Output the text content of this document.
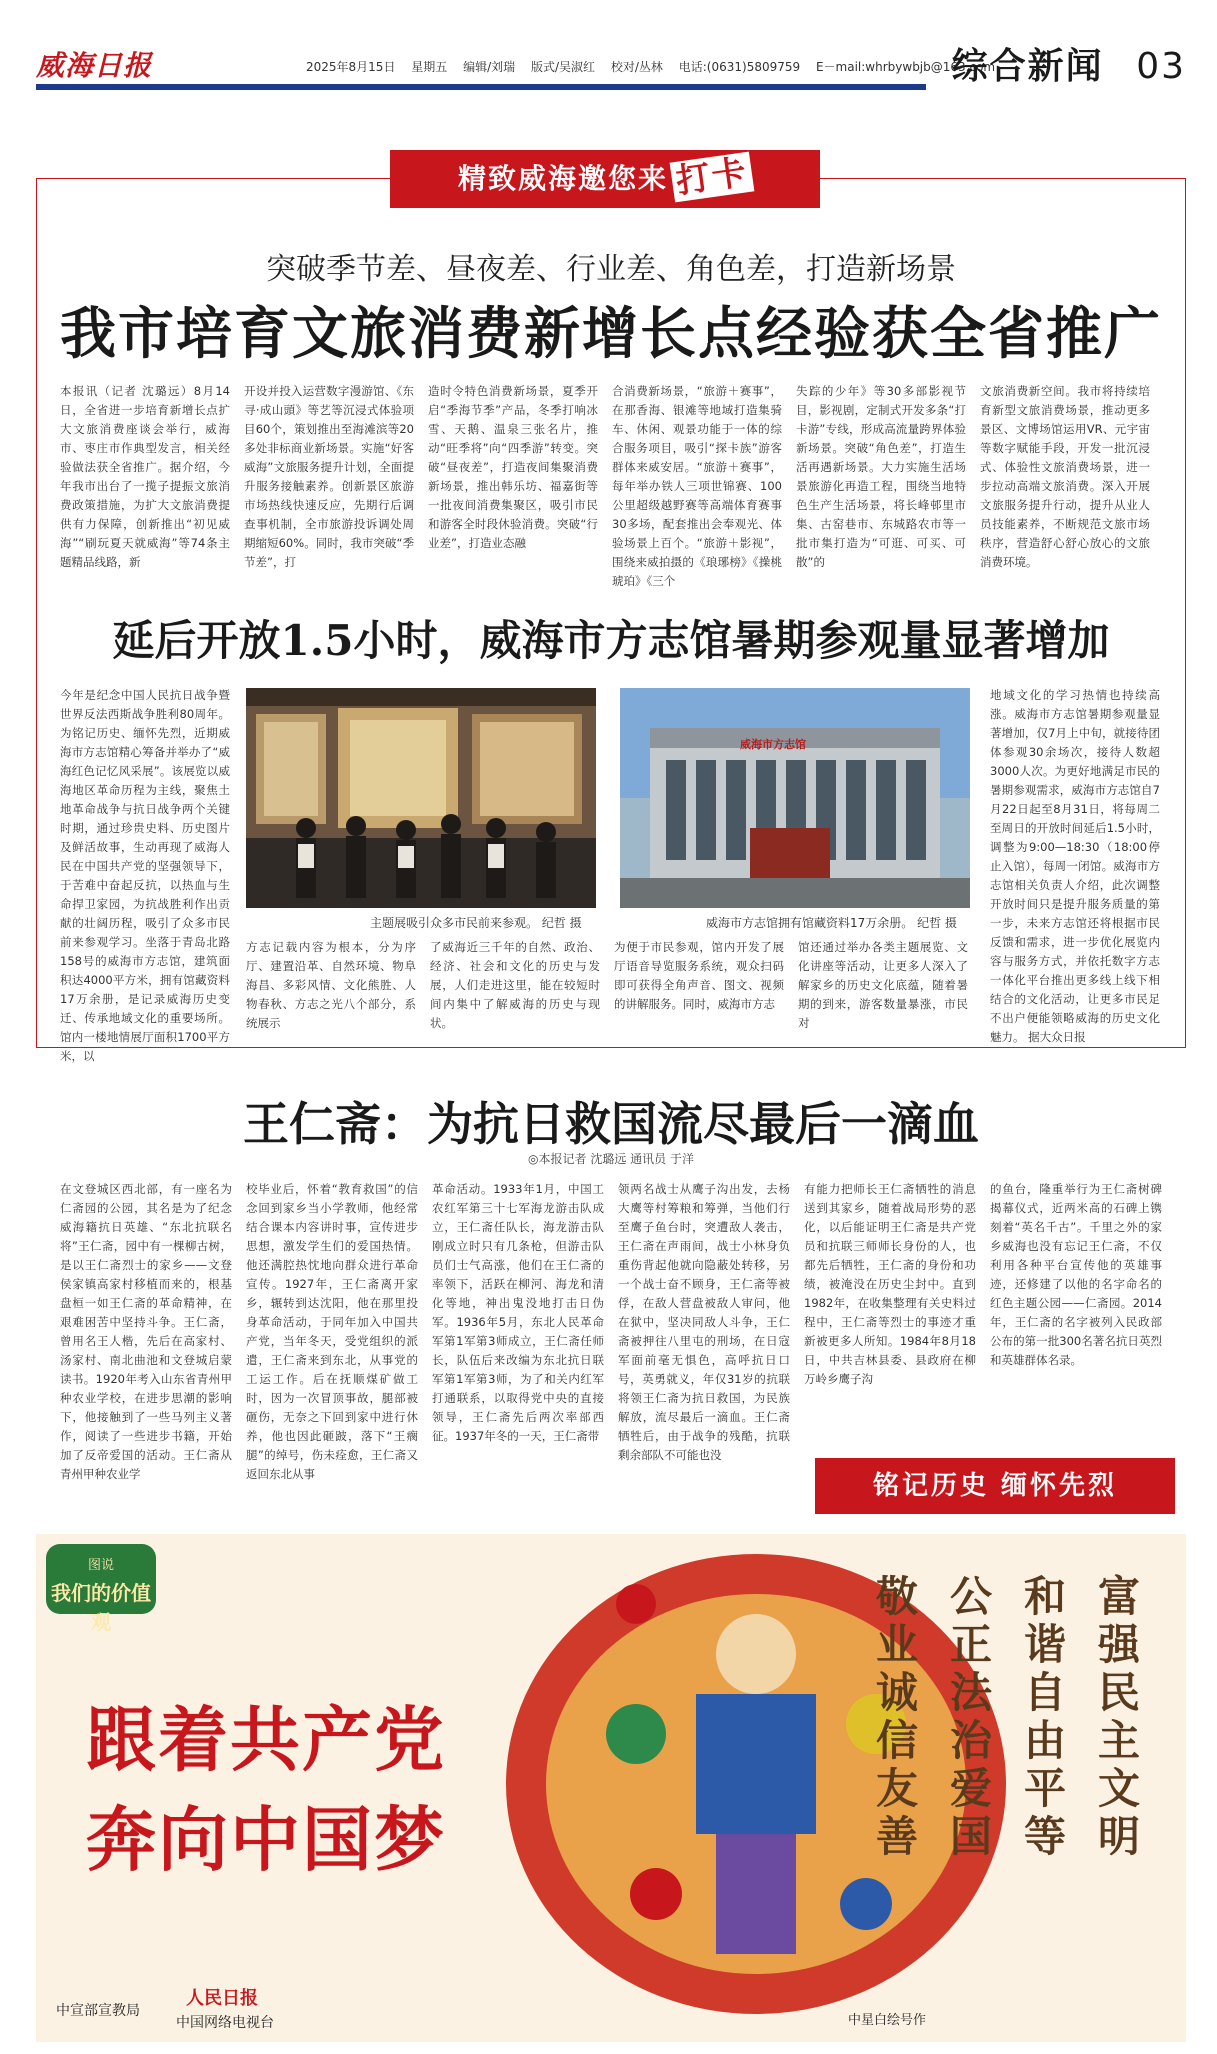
威海日报	2025年8月15日 星期五 编辑/刘瑞 版式/吴淑红 校对/丛林 电话:(0631)5809759 E－mail:whrbywbjb@163.com
综合新闻 03
精致威海邀您来 打卡
突破季节差、昼夜差、行业差、角色差，打造新场景
我市培育文旅消费新增长点经验获全省推广
本报讯（记者 沈璐远）8月14日，全省进一步培育新增长点扩大文旅消费座谈会举行，威海市、枣庄市作典型发言，相关经验做法获全省推广。据介绍，今年我市出台了一揽子提振文旅消费政策措施，为扩大文旅消费提供有力保障，创新推出“初见威海”“刷玩夏天就威海”等74条主题精品线路，新
开设并投入运营数字漫游馆、《东寻·成山頭》等艺等沉浸式体验项目60个，策划推出至海滩滨等20多处非标商业新场景。实施“好客威海”文旅服务提升计划，全面提升服务接触素养。创新景区旅游市场热线快速反应，先期行后调查事机制，全市旅游投诉调处周期缩短60%。同时，我市突破“季节差”，打
造时令特色消费新场景，夏季开启“季海节季”产品，冬季打响冰雪、天鹅、温泉三张名片，推动“旺季将”向“四季游”转变。突破“昼夜差”，打造夜间集聚消费新场景，推出韩乐坊、福嘉街等一批夜间消费集聚区，吸引市民和游客全时段休验消费。突破“行业差”，打造业态融
合消费新场景，“旅游＋赛事”，在那香海、银滩等地域打造集骑车、休闲、观景功能于一体的综合服务项目，吸引“探卡族”游客群体来威安居。“旅游＋赛事”，每年举办铁人三项世锦赛、100公里超级越野赛等高端体育赛事30多场，配套推出会奉观光、体验场景上百个。“旅游＋影视”，围绕来威拍摄的《琅琊榜》《操桃琥珀》《三个
失踪的少年》等30多部影视节目，影视剧，定制式开发多条“打卡游”专线，形成高流量跨界体验新场景。突破“角色差”，打造生活再遇新场景。大力实施生活场景旅游化再造工程，围绕当地特色生产生活场景，将长峰邨里市集、古窑巷市、东城路农市等一批市集打造为“可逛、可买、可散”的
文旅消费新空间。我市将持续培育新型文旅消费场景，推动更多景区、文博场馆运用VR、元宇宙等数字赋能手段，开发一批沉浸式、体验性文旅消费场景，进一步拉动高端文旅消费。深入开展文旅服务提升行动，提升从业人员技能素养，不断规范文旅市场秩序，营造舒心舒心放心的文旅消费环境。
延后开放1.5小时，威海市方志馆暑期参观量显著增加
今年是纪念中国人民抗日战争暨世界反法西斯战争胜利80周年。为铭记历史、缅怀先烈，近期威海市方志馆精心筹备并举办了“威海红色记忆风采展”。该展览以威海地区革命历程为主线，聚焦土地革命战争与抗日战争两个关键时期，通过珍贵史料、历史图片及鲜活故事，生动再现了威海人民在中国共产党的坚强领导下，于苦难中奋起反抗，以热血与生命捍卫家园，为抗战胜利作出贡献的壮阔历程，吸引了众多市民前来参观学习。坐落于青岛北路158号的威海市方志馆，建筑面积达4000平方米，拥有馆藏资料17万余册，是记录威海历史变迁、传承地域文化的重要场所。馆内一楼地情展厅面积1700平方米，以
主题展吸引众多市民前来参观。 纪哲 摄
威海市方志馆
威海市方志馆拥有馆藏资料17万余册。 纪哲 摄
方志记载内容为根本，分为序厅、建置沿革、自然环境、物阜海昌、多彩风情、文化熊胜、人物春秋、方志之光八个部分，系统展示
了威海近三千年的自然、政治、经济、社会和文化的历史与发展，人们走进这里，能在较短时间内集中了解威海的历史与现状。
为便于市民参观，馆内开发了展厅语音导览服务系统，观众扫码即可获得全角声音、图文、视频的讲解服务。同时，威海市方志
馆还通过举办各类主题展览、文化讲座等活动，让更多人深入了解家乡的历史文化底蕴，随着暑期的到来，游客数量暴涨，市民对
地域文化的学习热情也持续高涨。威海市方志馆暑期参观量显著增加，仅7月上中旬，就接待团体参观30余场次，接待人数超3000人次。为更好地满足市民的暑期参观需求，威海市方志馆自7月22日起至8月31日，将每周二至周日的开放时间延后1.5小时，调整为9:00—18:30（18:00停止入馆），每周一闭馆。威海市方志馆相关负责人介绍，此次调整开放时间只是提升服务质量的第一步，未来方志馆还将根据市民反馈和需求，进一步优化展览内容与服务方式，并依托数字方志一体化平台推出更多线上线下相结合的文化活动，让更多市民足不出户便能领略威海的历史文化魅力。 据大众日报
王仁斋：为抗日救国流尽最后一滴血
◎本报记者 沈璐远 通讯员 于洋
在文登城区西北部，有一座名为仁斋园的公园，其名是为了纪念威海籍抗日英雄、“东北抗联名将”王仁斋，园中有一棵柳古树，是以王仁斋烈士的家乡——文登侯家镇高家村移植而来的，根基盘桓一如王仁斋的革命精神，在艰难困苦中坚持斗争。王仁斋，曾用名王人楷，先后在高家村、汤家村、南北曲池和文登城启蒙读书。1920年考入山东省青州甲种农业学校，在进步思潮的影响下，他接触到了一些马列主义著作，阅读了一些进步书籍，开始加了反帝爱国的活动。王仁斋从青州甲种农业学
校毕业后，怀着“教育救国”的信念回到家乡当小学教师，他经常结合课本内容讲时事，宣传进步思想，激发学生们的爱国热情。他还满腔热忱地向群众进行革命宣传。1927年，王仁斋离开家乡，辗转到达沈阳，他在那里投身革命活动，于同年加入中国共产党，当年冬天，受党组织的派遣，王仁斋来到东北，从事党的工运工作。后在抚顺煤矿做工时，因为一次冒顶事故，腿部被砸伤，无奈之下回到家中进行休养，他也因此砸跛，落下“王瘸腿”的绰号，伤未痊愈，王仁斋又返回东北从事
革命活动。1933年1月，中国工农红军第三十七军海龙游击队成立，王仁斋任队长，海龙游击队刚成立时只有几条枪，但游击队员们士气高涨，他们在王仁斋的率领下，活跃在柳河、海龙和清化等地，神出鬼没地打击日伪军。1936年5月，东北人民革命军第1军第3师成立，王仁斋任师长，队伍后来改编为东北抗日联军第1军第3师，为了和关内红军打通联系，以取得党中央的直接领导，王仁斋先后两次率部西征。1937年冬的一天，王仁斋带
领两名战士从鹰子沟出发，去杨大鹰等村筹粮和筹弹，当他们行至鹰子鱼台时，突遭敌人袭击，王仁斋在声雨间，战士小林身负重伤背起他就向隐蔽处转移，另一个战士奋不顾身，王仁斋等被俘，在敌人营盘被敌人审问，他在狱中，坚决同敌人斗争，王仁斋被押往八里屯的刑场，在日寇军面前毫无惧色，高呼抗日口号，英勇就义，年仅31岁的抗联将领王仁斋为抗日救国，为民族解放，流尽最后一滴血。王仁斋牺牲后，由于战争的残酷，抗联剩余部队不可能也没
有能力把师长王仁斋牺牲的消息送到其家乡，随着战局形势的恶化，以后能证明王仁斋是共产党员和抗联三师师长身份的人，也都先后牺牲，王仁斋的身份和功绩，被淹没在历史尘封中。直到1982年，在收集整理有关史料过程中，王仁斋等烈士的事迹才重新被更多人所知。1984年8月18日，中共吉林县委、县政府在柳万岭乡鹰子沟
的鱼台，隆重举行为王仁斋树碑揭幕仪式，近两米高的石碑上镌刻着“英名千古”。千里之外的家乡威海也没有忘记王仁斋，不仅利用各种平台宣传他的英雄事迹，还修建了以他的名字命名的红色主题公园——仁斋园。2014年，王仁斋的名字被列入民政部公布的第一批300名著名抗日英烈和英雄群体名录。
铭记历史 缅怀先烈
图说
我们的价值观
跟着共产党
奔向中国梦	富强民主文明
和谐自由平等
公正法治爱国
敬业诚信友善
中宣部宣教局
人民日报
中国网络电视台	中星白绘号作
